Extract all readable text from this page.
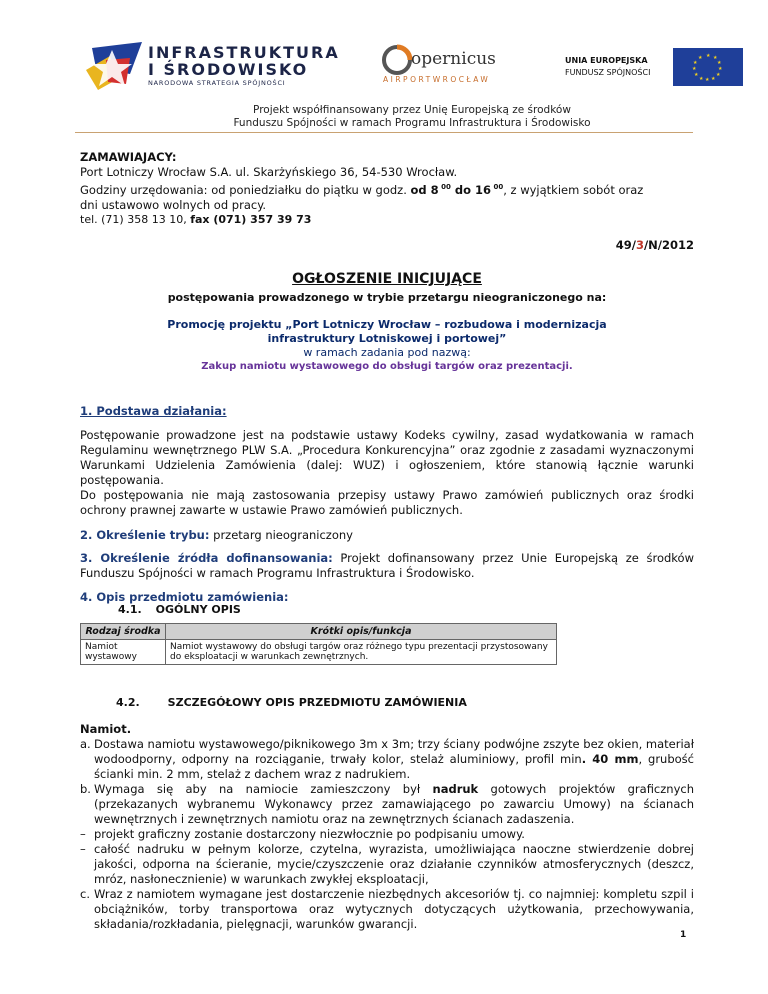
INFRASTRUKTURA
I ŚRODOWISKO
NARODOWA STRATEGIA SPÓJNOŚCI
opernicus
AIRPORTWROCŁAW
UNIA EUROPEJSKA
FUNDUSZ SPÓJNOŚCI
★ ★
★
★
★
★
★
★
★
★
★
★
Projekt współfinansowany przez Unię Europejską ze środków
Funduszu Spójności w ramach Programu Infrastruktura i Środowisko
ZAMAWIAJACY:
Port Lotniczy Wrocław S.A. ul. Skarżyńskiego 36, 54-530 Wrocław.
Godziny urzędowania: od poniedziałku do piątku w godz. od 8 $^{00}$ do 16 $^{00}$, z wyjątkiem sobót oraz
dni ustawowo wolnych od pracy.
tel. (71) 358 13 10, fax (071) 357 39 73
49/3/N/2012
OGŁOSZENIE INICJUJĄCE
postępowania prowadzonego w trybie przetargu nieograniczonego na:
Promocję projektu „Port Lotniczy Wrocław – rozbudowa i modernizacja
infrastruktury Lotniskowej i portowej”
w ramach zadania pod nazwą:
Zakup namiotu wystawowego do obsługi targów oraz prezentacji.
1. Podstawa działania:
Postępowanie prowadzone jest na podstawie ustawy Kodeks cywilny, zasad wydatkowania w ramach Regulaminu wewnętrznego PLW S.A. „Procedura Konkurencyjna” oraz zgodnie z zasadami wyznaczonymi Warunkami Udzielenia Zamówienia (dalej: WUZ) i ogłoszeniem, które stanowią łącznie warunki postępowania.
Do postępowania nie mają zastosowania przepisy ustawy Prawo zamówień publicznych oraz środki ochrony prawnej zawarte w ustawie Prawo zamówień publicznych.
2. Określenie trybu: przetarg nieograniczony
3. Określenie źródła dofinansowania: Projekt dofinansowany przez Unie Europejską ze środków Funduszu Spójności w ramach Programu Infrastruktura i Środowisko.
4. Opis przedmiotu zamówienia:
4.1. OGÓLNY OPIS
Rodzaj środka	Krótki opis/funkcja
Namiot wystawowy	Namiot wystawowy do obsługi targów oraz różnego typu prezentacji przystosowany do eksploatacji w warunkach zewnętrznych.
4.2.	SZCZEGÓŁOWY OPIS PRZEDMIOTU ZAMÓWIENIA
Namiot.
a. Dostawa namiotu wystawowego/piknikowego 3m x 3m; trzy ściany podwójne zszyte bez okien, materiał wodoodporny, odporny na rozciąganie, trwały kolor, stelaż aluminiowy, profil min. 40 mm, grubość ścianki min. 2 mm, stelaż z dachem wraz z nadrukiem.
b. Wymaga się aby na namiocie zamieszczony był nadruk gotowych projektów graficznych (przekazanych wybranemu Wykonawcy przez zamawiającego po zawarciu Umowy) na ścianach wewnętrznych i zewnętrznych namiotu oraz na zewnętrznych ścianach zadaszenia.
– projekt graficzny zostanie dostarczony niezwłocznie po podpisaniu umowy.
– całość nadruku w pełnym kolorze, czytelna, wyrazista, umożliwiająca naoczne stwierdzenie dobrej jakości, odporna na ścieranie, mycie/czyszczenie oraz działanie czynników atmosferycznych (deszcz, mróz, nasłonecznienie) w warunkach zwykłej eksploatacji,
c. Wraz z namiotem wymagane jest dostarczenie niezbędnych akcesoriów tj. co najmniej: kompletu szpil i obciążników, torby transportowa oraz wytycznych dotyczących użytkowania, przechowywania, składania/rozkładania, pielęgnacji, warunków gwarancji.
1
